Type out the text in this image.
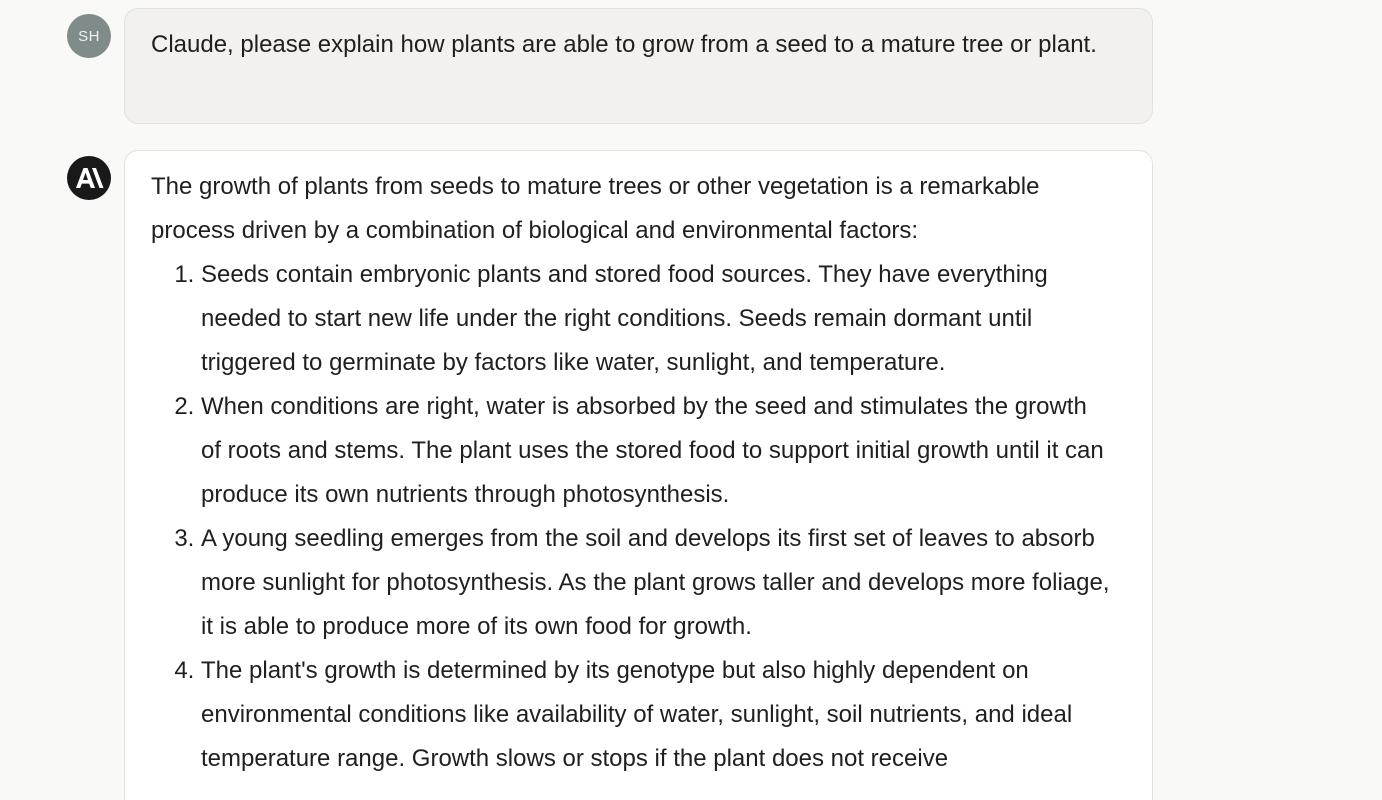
SH Claude, please explain how plants are able to grow from a seed to a mature tree or plant.

The growth of plants from seeds to mature trees or other vegetation is a remarkable process driven by a combination of biological and environmental factors:

1. Seeds contain embryonic plants and stored food sources. They have everything needed to start new life under the right conditions. Seeds remain dormant until triggered to germinate by factors like water, sunlight, and temperature.
2. When conditions are right, water is absorbed by the seed and stimulates the growth of roots and stems. The plant uses the stored food to support initial growth until it can produce its own nutrients through photosynthesis.
3. A young seedling emerges from the soil and develops its first set of leaves to absorb more sunlight for photosynthesis. As the plant grows taller and develops more foliage, it is able to produce more of its own food for growth.
4. The plant's growth is determined by its genotype but also highly dependent on environmental conditions like availability of water, sunlight, soil nutrients, and ideal temperature range. Growth slows or stops if the plant does not receive
